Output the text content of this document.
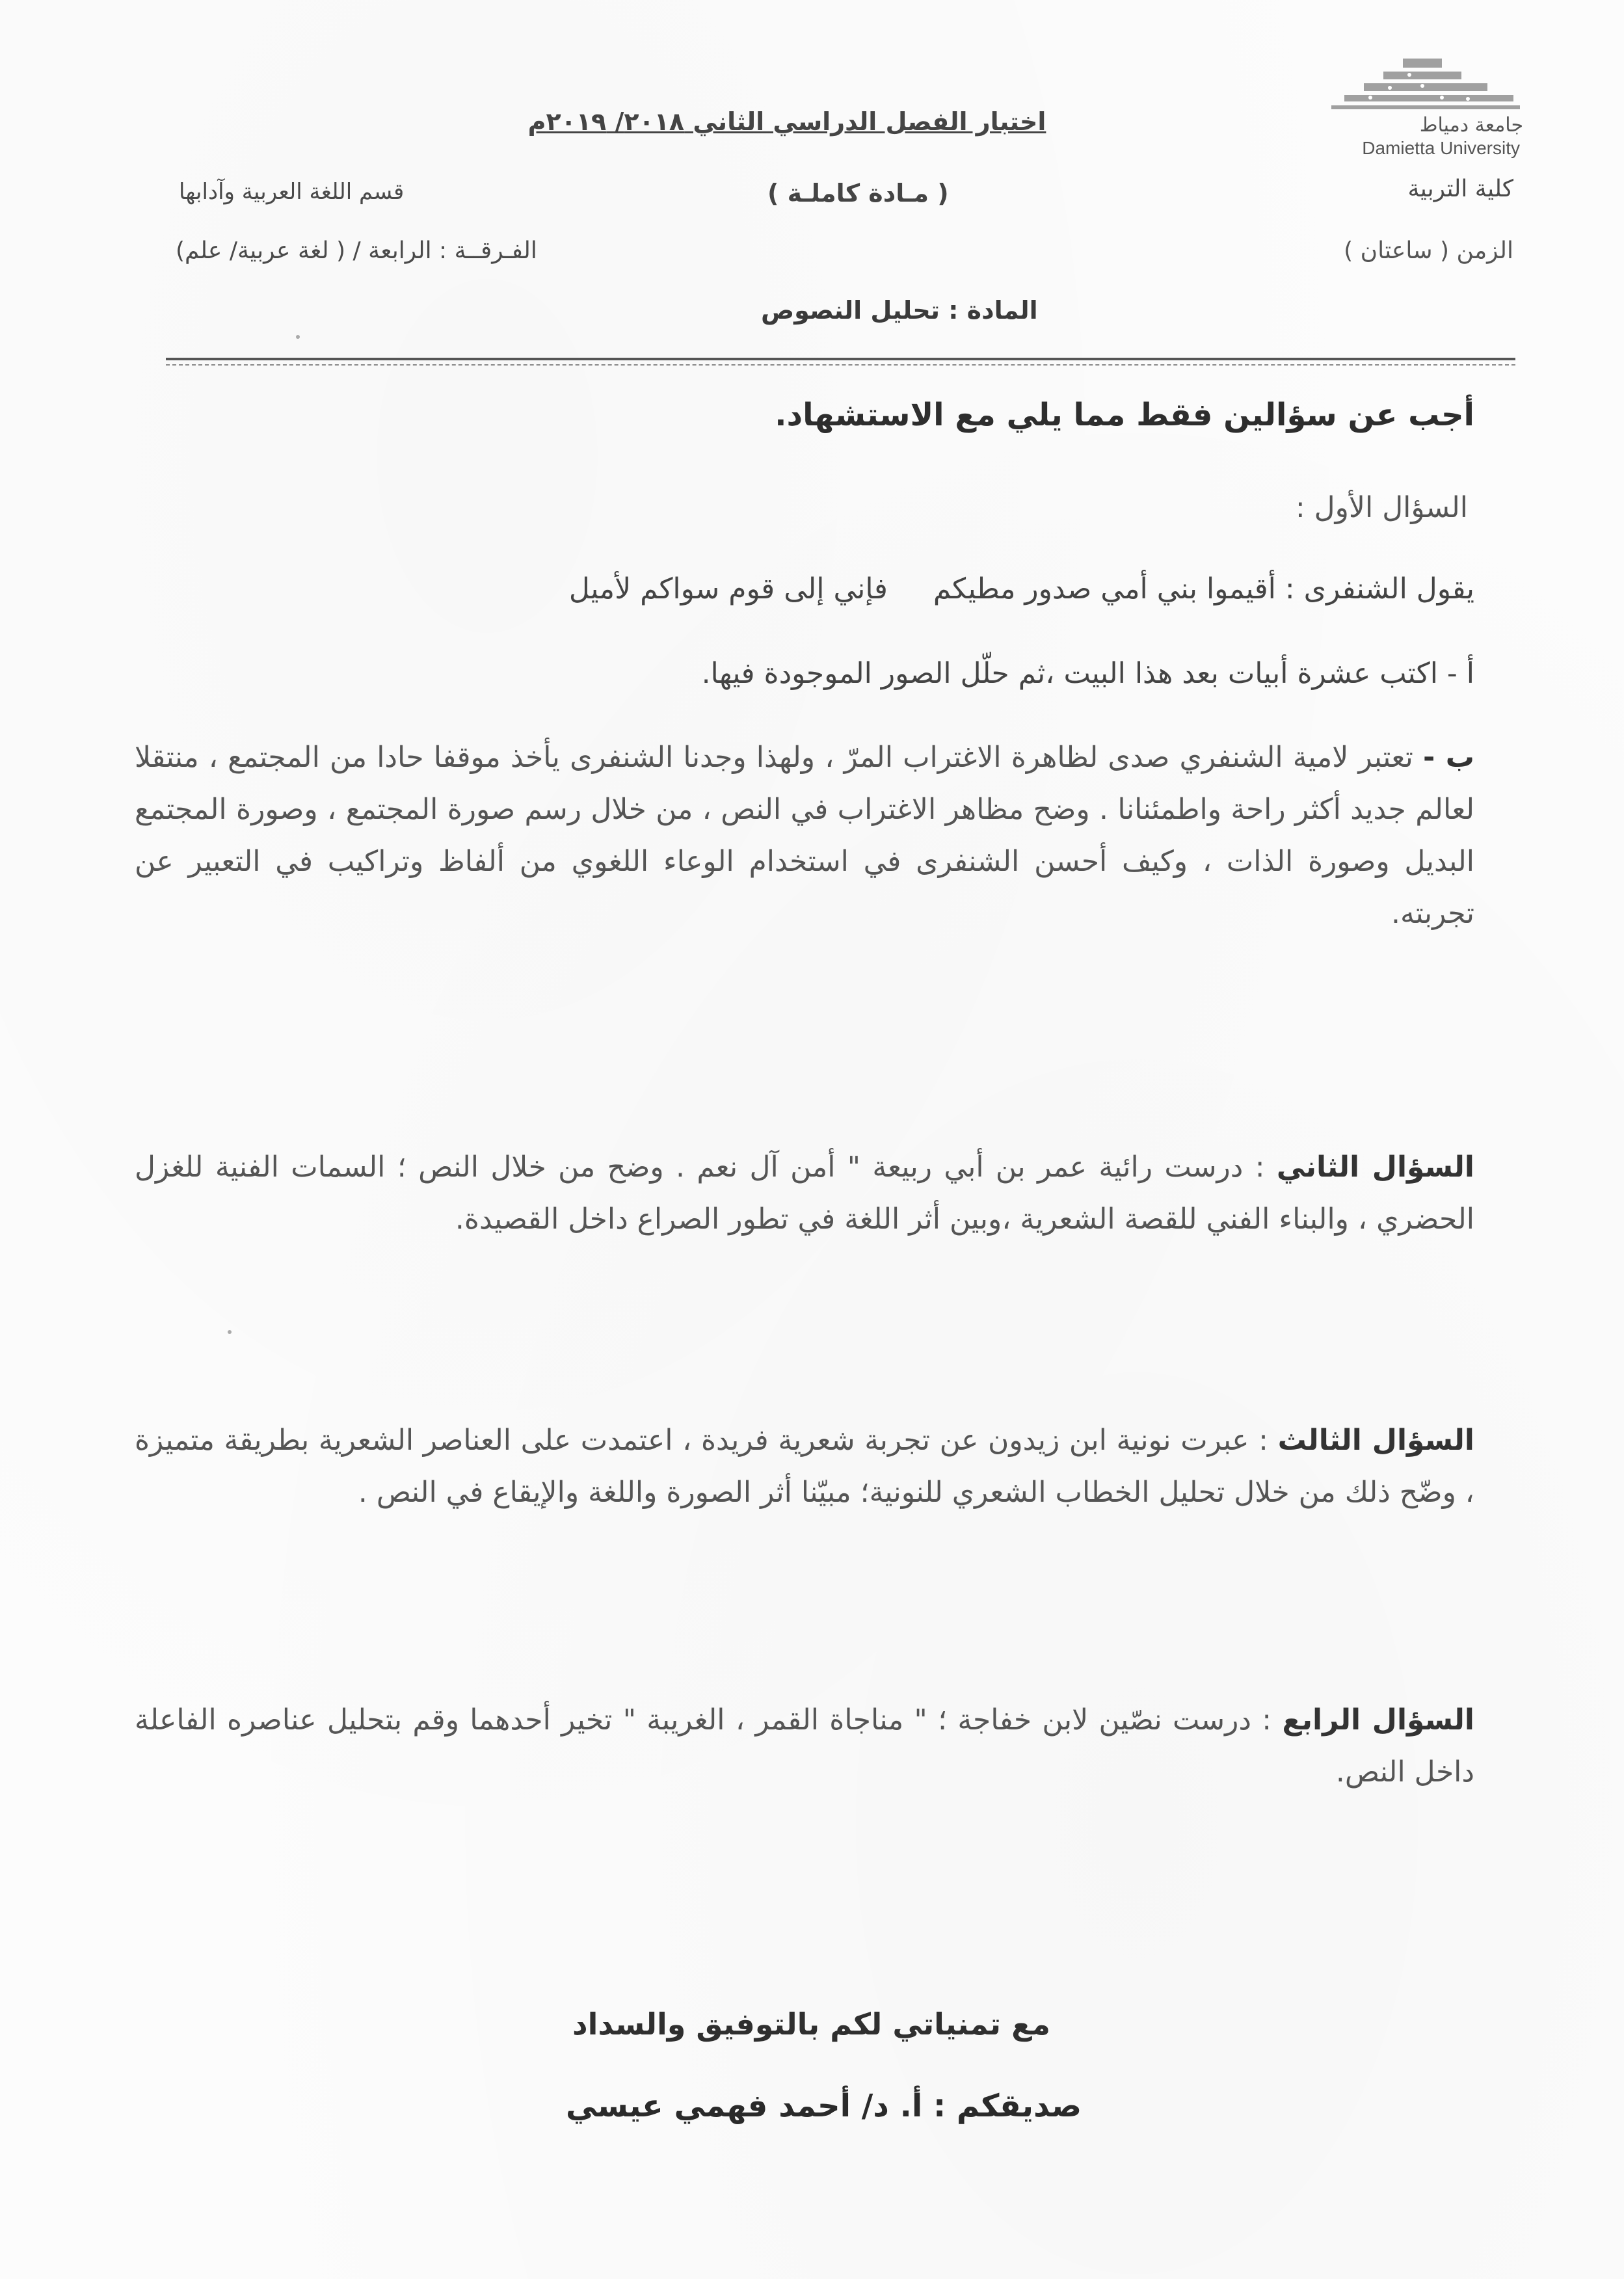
جامعة دمياط
Damietta University
كلية التربية
الزمن ( ساعتان )
اختبار الفصل الدراسي الثاني ٢٠١٨/ ٢٠١٩م
( مـادة كاملـة )
قسم اللغة العربية وآدابها
الفـرقــة : الرابعة / ( لغة عربية/ علم)
المادة : تحليل النصوص
أجب عن سؤالين فقط مما يلي مع الاستشهاد.
السؤال الأول :
يقول الشنفرى : أقيموا بني أمي صدور مطيكمفإني إلى قوم سواكم لأميل
أ - اكتب عشرة أبيات بعد هذا البيت ،ثم حلّل الصور الموجودة فيها.
ب - تعتبر لامية الشنفري صدى لظاهرة الاغتراب المرّ ، ولهذا وجدنا الشنفرى يأخذ موقفا حادا من المجتمع ، منتقلا لعالم جديد أكثر راحة واطمئنانا . وضح مظاهر الاغتراب في النص ، من خلال رسم صورة المجتمع ، وصورة المجتمع البديل وصورة الذات ، وكيف أحسن الشنفرى في استخدام الوعاء اللغوي من ألفاظ وتراكيب في التعبير عن تجربته.
السؤال الثاني : درست رائية عمر بن أبي ربيعة " أمن آل نعم . وضح من خلال النص ؛ السمات الفنية للغزل الحضري ، والبناء الفني للقصة الشعرية ،وبين أثر اللغة في تطور الصراع داخل القصيدة.
السؤال الثالث : عبرت نونية ابن زيدون عن تجربة شعرية فريدة ، اعتمدت على العناصر الشعرية بطريقة متميزة ، وضّح ذلك من خلال تحليل الخطاب الشعري للنونية؛ مبيّنا أثر الصورة واللغة والإيقاع في النص .
السؤال الرابع : درست نصّين لابن خفاجة ؛ " مناجاة القمر ، الغريبة " تخير أحدهما وقم بتحليل عناصره الفاعلة داخل النص.
مع تمنياتي لكم بالتوفيق والسداد
صديقكم : أ. د/ أحمد فهمي عيسي
